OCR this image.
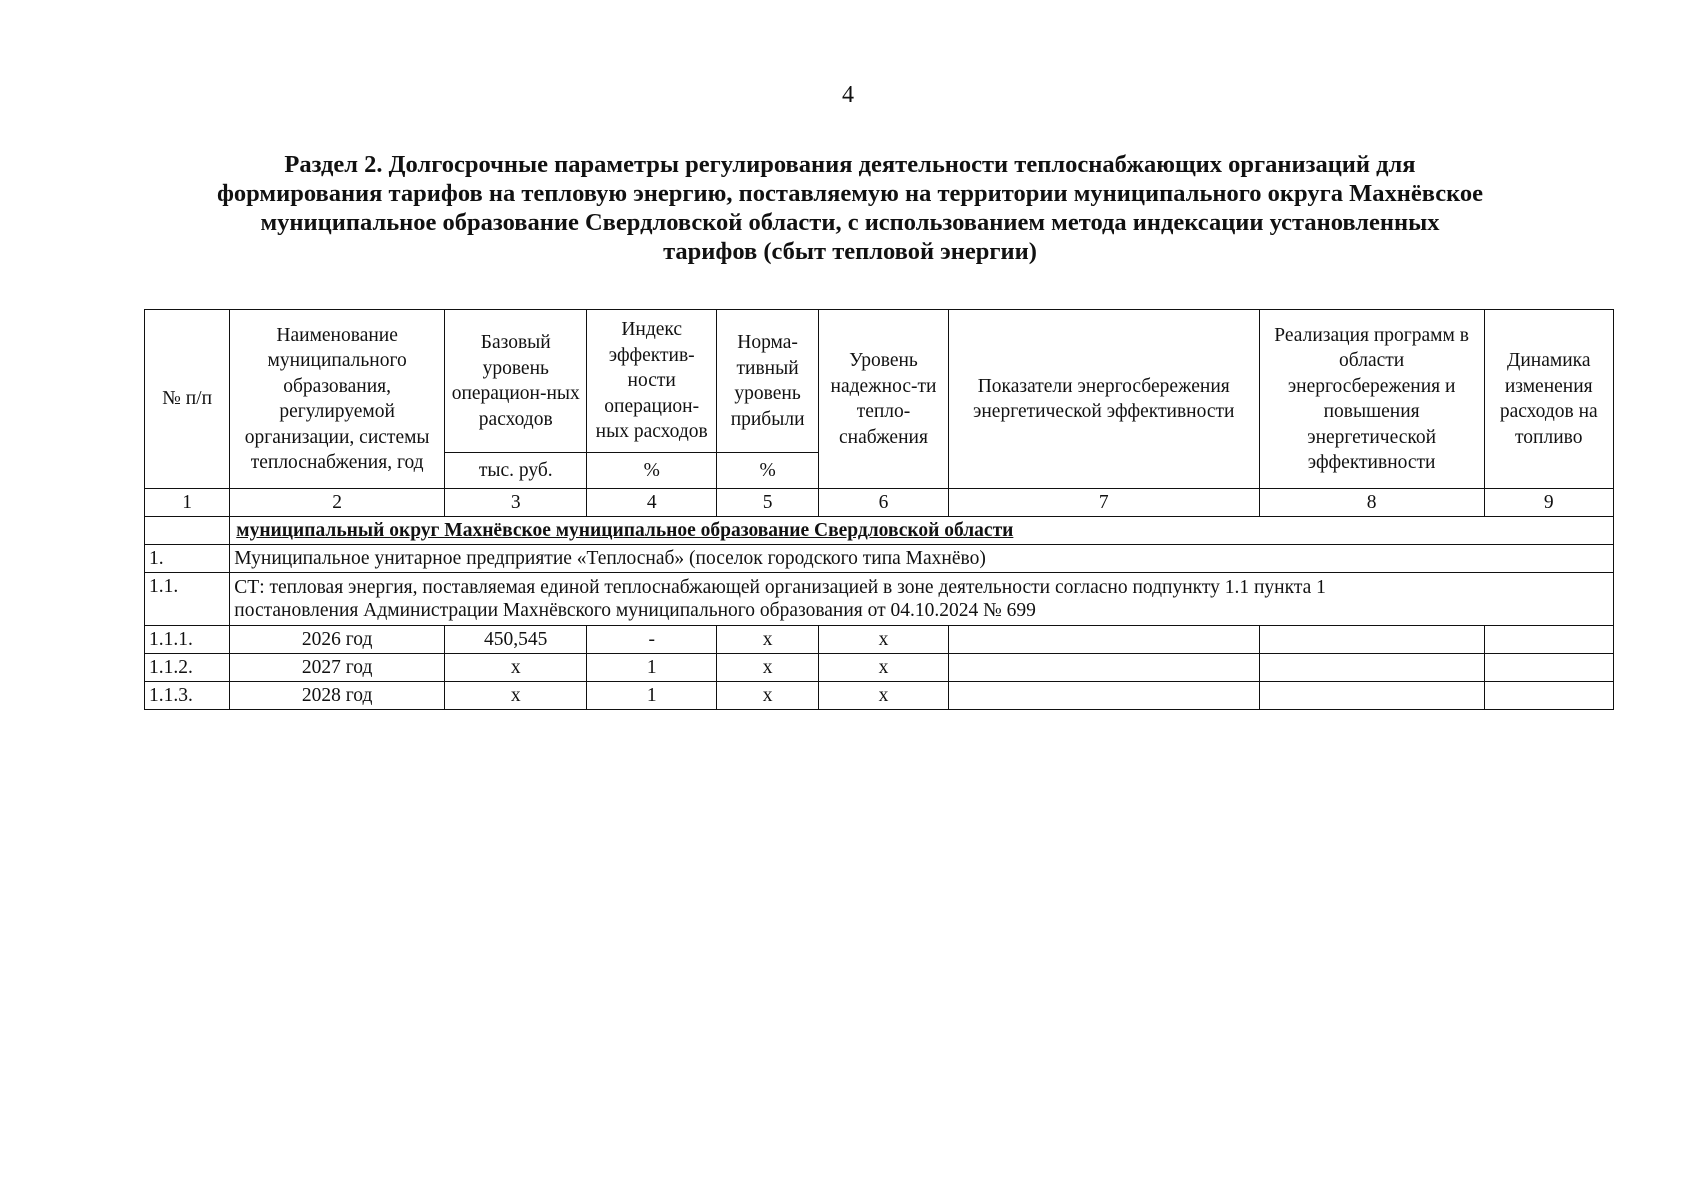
4
Раздел 2. Долгосрочные параметры регулирования деятельности теплоснабжающих организаций для
формирования тарифов на тепловую энергию, поставляемую на территории муниципального округа Махнёвское
муниципальное образование Свердловской области, с использованием метода индексации установленных
тарифов (сбыт тепловой энергии)
№ п/п	Наименование муниципального образования, регулируемой организации, системы теплоснабжения, год	Базовый уровень операцион-ных расходов	Индекс эффектив-ности операцион-ных расходов	Норма-тивный уровень прибыли	Уровень надежнос-ти тепло-снабжения	Показатели энергосбережения энергетической эффективности	Реализация программ в области энергосбережения и повышения энергетической эффективности	Динамика изменения расходов на топливо
		тыс. руб.	%	%				
1	2	3	4	5	6	7	8	9
	муниципальный округ Махнёвское муниципальное образование Свердловской области							
1.	Муниципальное унитарное предприятие «Теплоснаб» (поселок городского типа Махнёво)							
1.1.	СТ: тепловая энергия, поставляемая единой теплоснабжающей организацией в зоне деятельности согласно подпункту 1.1 пункта 1
постановления Администрации Махнёвского муниципального образования от 04.10.2024 № 699							

1.1.1.	2026 год	450,545	-	х	х			
1.1.2.	2027 год	х	1	х	х			
1.1.3.	2028 год	х	1	х	х			
